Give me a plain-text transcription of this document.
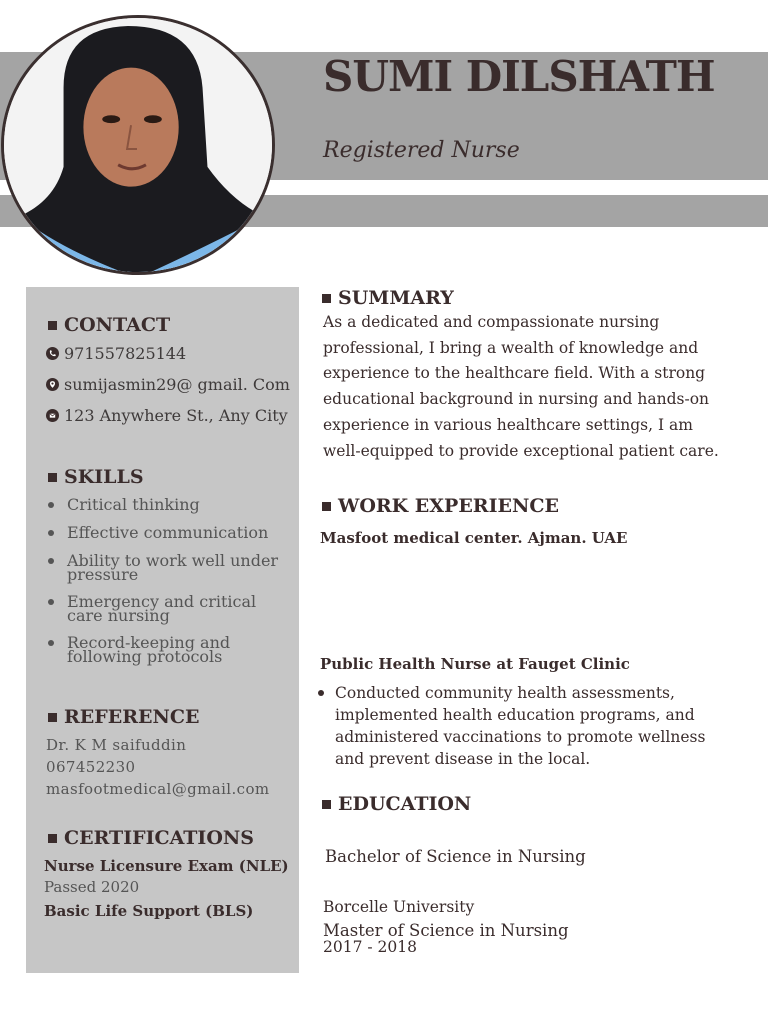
SUMI DILSHATH
Registered Nurse
CONTACT
971557825144
sumijasmin29@ gmail. Com
123 Anywhere St., Any City
SKILLS
Critical thinking
Effective communication
Ability to work well under pressure
Emergency and critical care nursing
Record-keeping and following protocols
REFERENCE
Dr. K M saifuddin
067452230
masfootmedical@gmail.com
CERTIFICATIONS
Nurse Licensure Exam (NLE)
Passed 2020
Basic Life Support (BLS)
SUMMARY

As a dedicated and compassionate nursing professional, I bring a wealth of knowledge and experience to the healthcare field. With a strong educational background in nursing and hands-on experience in various healthcare settings, I am well-equipped to provide exceptional patient care.

WORK EXPERIENCE
Masfoot medical center. Ajman. UAE
Public Health Nurse at Fauget Clinic
Conducted community health assessments, implemented health education programs, and administered vaccinations to promote wellness and prevent disease in the local.
EDUCATION
Bachelor of Science in Nursing
Borcelle University
Master of Science in Nursing
2017 - 2018
